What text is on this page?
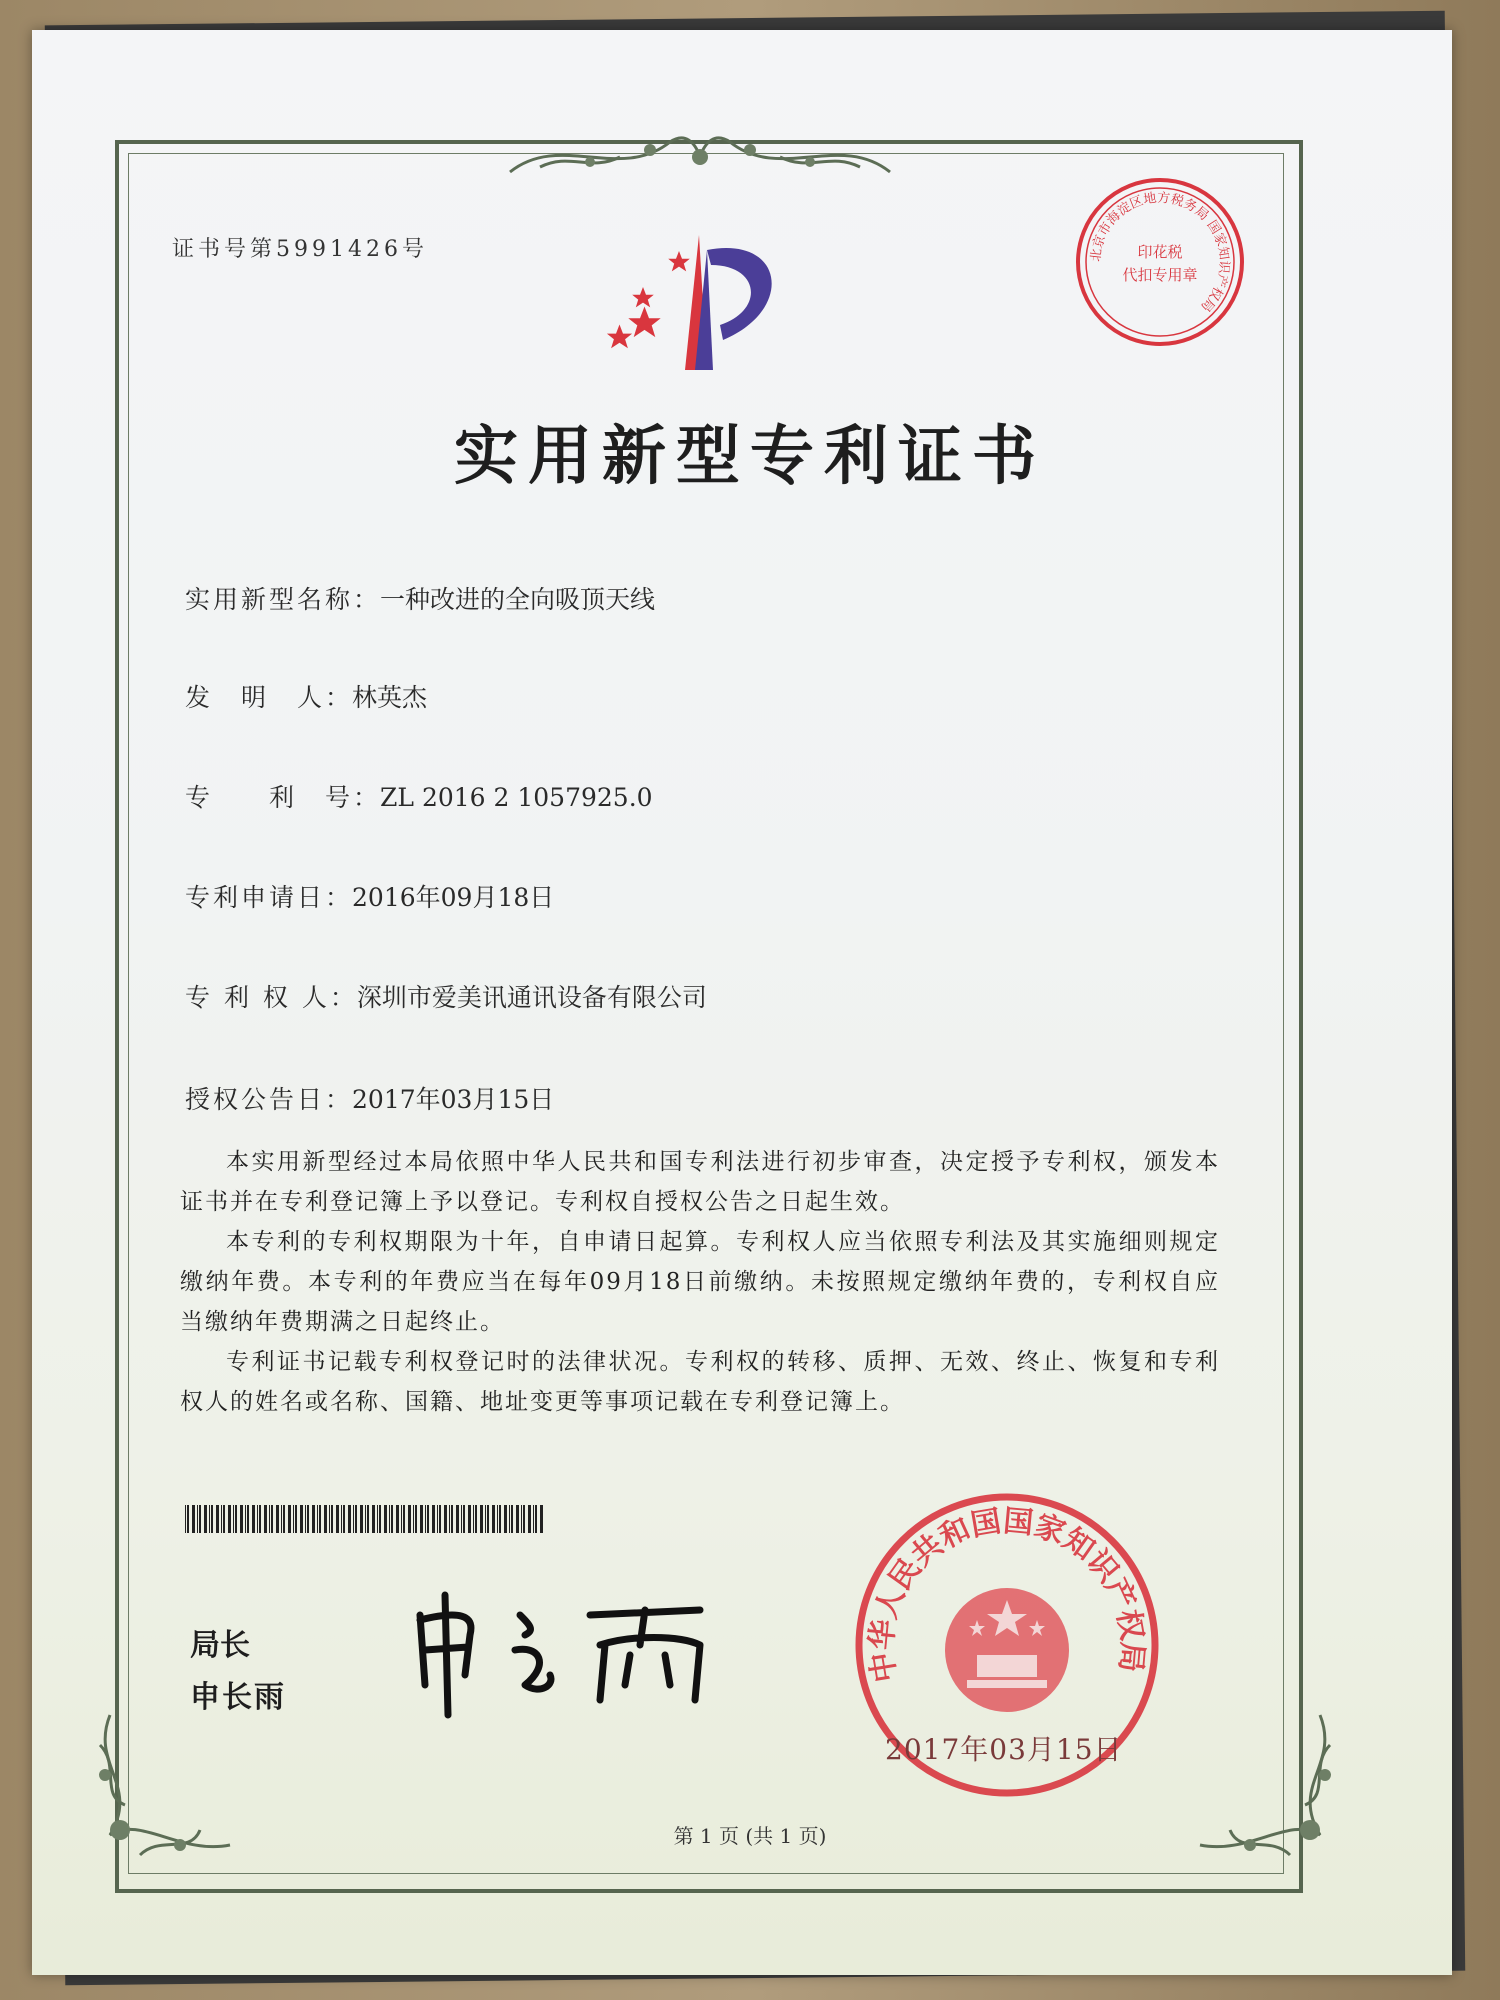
证书号第5991426号	北京市海淀区地方税务局 国家知识产权局
印花税
代扣专用章
实用新型专利证书
实用新型名称：一种改进的全向吸顶天线
发　明　人：林英杰
专　　利　号：ZL 2016 2 1057925.0
专利申请日：2016年09月18日
专 利 权 人：深圳市爱美讯通讯设备有限公司
授权公告日：2017年03月15日

本实用新型经过本局依照中华人民共和国专利法进行初步审查，决定授予专利权，颁发本证书并在专利登记簿上予以登记。专利权自授权公告之日起生效。

本专利的专利权期限为十年，自申请日起算。专利权人应当依照专利法及其实施细则规定缴纳年费。本专利的年费应当在每年09月18日前缴纳。未按照规定缴纳年费的，专利权自应当缴纳年费期满之日起终止。

专利证书记载专利权登记时的法律状况。专利权的转移、质押、无效、终止、恢复和专利权人的姓名或名称、国籍、地址变更等事项记载在专利登记簿上。

局长
申长雨
中华人民共和国国家知识产权局
2017年03月15日
第 1 页 (共 1 页)
